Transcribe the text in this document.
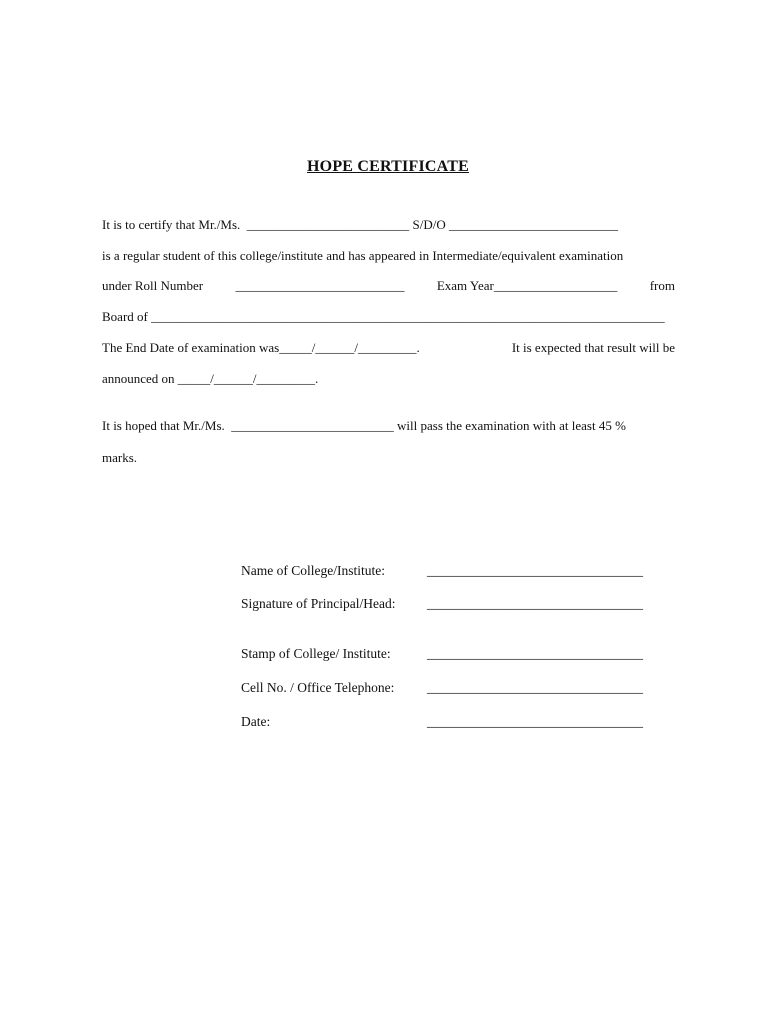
HOPE CERTIFICATE
It is to certify that Mr./Ms.  _________________________ S/D/O __________________________
is a regular student of this college/institute and has appeared in Intermediate/equivalent examination
under Roll Number __________________________ Exam Year___________________ from
Board of _______________________________________________________________________________
The End Date of examination was_____/______/_________.	It is expected that result will be
announced on _____/______/_________.
It is hoped that Mr./Ms.  _________________________ will pass the examination with at least 45 %
marks.

Name of College/Institute:

	________________________________

Signature of Principal/Head:

________________________________

Stamp of College/ Institute:

	________________________________

Cell No. / Office Telephone:

________________________________

Date:

	________________________________
